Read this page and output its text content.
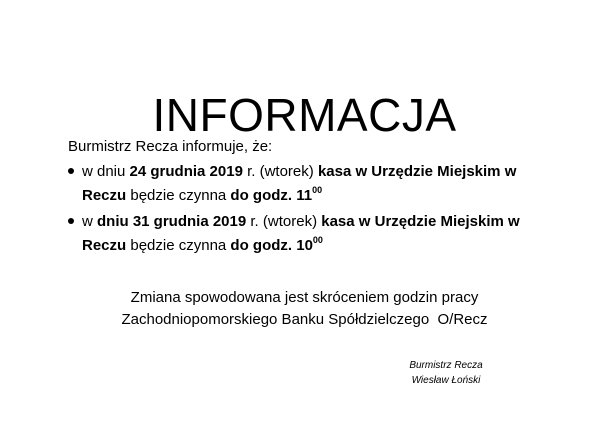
INFORMACJA
Burmistrz Recza informuje, że:
w dniu 24 grudnia 2019 r. (wtorek) kasa w Urzędzie Miejskim w
Reczu będzie czynna do godz. $11^{00}$
w dniu 31 grudnia 2019 r. (wtorek) kasa w Urzędzie Miejskim w
Reczu będzie czynna do godz. $10^{00}$
Zmiana spowodowana jest skróceniem godzin pracy
Zachodniopomorskiego Banku Spółdzielczego  O/Recz
Burmistrz Recza
Wiesław Łoński
